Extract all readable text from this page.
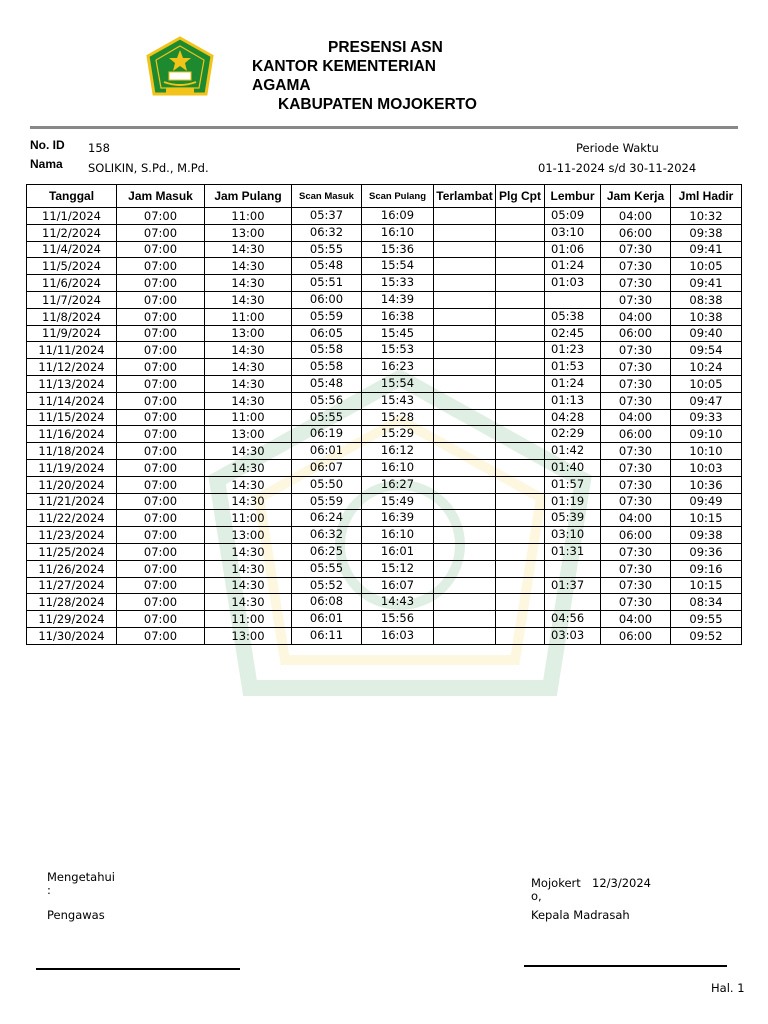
PRESENSI ASN
KANTOR KEMENTERIAN
AGAMA
KABUPATEN MOJOKERTO
No. ID 158
Nama SOLIKIN, S.Pd., M.Pd.
Periode Waktu
01-11-2024 s/d 30-11-2024
Tanggal	Jam Masuk	Jam Pulang	Scan Masuk	Scan Pulang	Terlambat	Plg Cpt	Lembur	Jam Kerja	Jml Hadir
11/1/2024	07:00	11:00	05:37	16:09			05:09	04:00	10:32
11/2/2024	07:00	13:00	06:32	16:10			03:10	06:00	09:38
11/4/2024	07:00	14:30	05:55	15:36			01:06	07:30	09:41
11/5/2024	07:00	14:30	05:48	15:54			01:24	07:30	10:05
11/6/2024	07:00	14:30	05:51	15:33			01:03	07:30	09:41
11/7/2024	07:00	14:30	06:00	14:39				07:30	08:38
11/8/2024	07:00	11:00	05:59	16:38			05:38	04:00	10:38
11/9/2024	07:00	13:00	06:05	15:45			02:45	06:00	09:40
11/11/2024	07:00	14:30	05:58	15:53			01:23	07:30	09:54
11/12/2024	07:00	14:30	05:58	16:23			01:53	07:30	10:24
11/13/2024	07:00	14:30	05:48	15:54			01:24	07:30	10:05
11/14/2024	07:00	14:30	05:56	15:43			01:13	07:30	09:47
11/15/2024	07:00	11:00	05:55	15:28			04:28	04:00	09:33
11/16/2024	07:00	13:00	06:19	15:29			02:29	06:00	09:10
11/18/2024	07:00	14:30	06:01	16:12			01:42	07:30	10:10
11/19/2024	07:00	14:30	06:07	16:10			01:40	07:30	10:03
11/20/2024	07:00	14:30	05:50	16:27			01:57	07:30	10:36
11/21/2024	07:00	14:30	05:59	15:49			01:19	07:30	09:49
11/22/2024	07:00	11:00	06:24	16:39			05:39	04:00	10:15
11/23/2024	07:00	13:00	06:32	16:10			03:10	06:00	09:38
11/25/2024	07:00	14:30	06:25	16:01			01:31	07:30	09:36
11/26/2024	07:00	14:30	05:55	15:12				07:30	09:16
11/27/2024	07:00	14:30	05:52	16:07			01:37	07:30	10:15
11/28/2024	07:00	14:30	06:08	14:43				07:30	08:34
11/29/2024	07:00	11:00	06:01	15:56			04:56	04:00	09:55
11/30/2024	07:00	13:00	06:11	16:03			03:03	06:00	09:52
Mengetahui
:
Pengawas
Mojokert 12/3/2024
o,
Kepala Madrasah
Hal. 1
